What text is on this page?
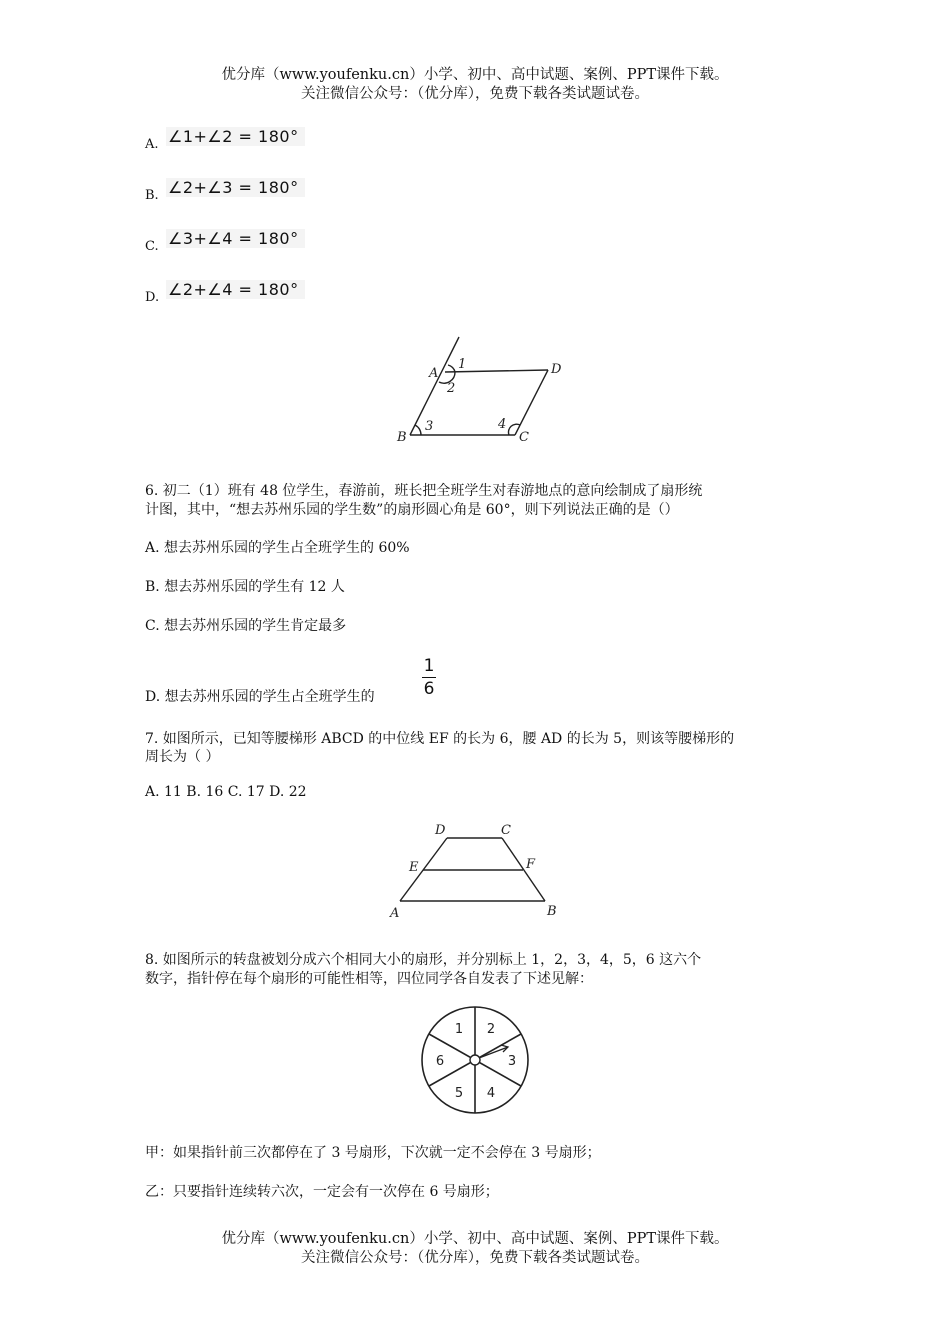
优分库（www.youfenku.cn）小学、初中、高中试题、案例、PPT课件下载。
关注微信公众号：（优分库），免费下载各类试题试卷。
A. ∠1+∠2 = 180°
B. ∠2+∠3 = 180°
C. ∠3+∠4 = 180°
D. ∠2+∠4 = 180°
A
1
2
D
B
3	4
C
6. 初二（1）班有 48 位学生，春游前，班长把全班学生对春游地点的意向绘制成了扇形统
计图，其中，“想去苏州乐园的学生数”的扇形圆心角是 60°，则下列说法正确的是（）
A. 想去苏州乐园的学生占全班学生的 60%
B. 想去苏州乐园的学生有 12 人
C. 想去苏州乐园的学生肯定最多
D. 想去苏州乐园的学生占全班学生的
1
6
7. 如图所示，已知等腰梯形 ABCD 的中位线 EF 的长为 6，腰 AD 的长为 5，则该等腰梯形的
周长为（ ）
A. 11 B. 16 C. 17 D. 22
D	C
E	F
A	B
8. 如图所示的转盘被划分成六个相同大小的扇形，并分别标上 1，2，3，4，5，6 这六个
数字，指针停在每个扇形的可能性相等，四位同学各自发表了下述见解：
1 2
3
4
5
6
甲：如果指针前三次都停在了 3 号扇形，下次就一定不会停在 3 号扇形；
乙：只要指针连续转六次，一定会有一次停在 6 号扇形；
优分库（www.youfenku.cn）小学、初中、高中试题、案例、PPT课件下载。
关注微信公众号：（优分库），免费下载各类试题试卷。
